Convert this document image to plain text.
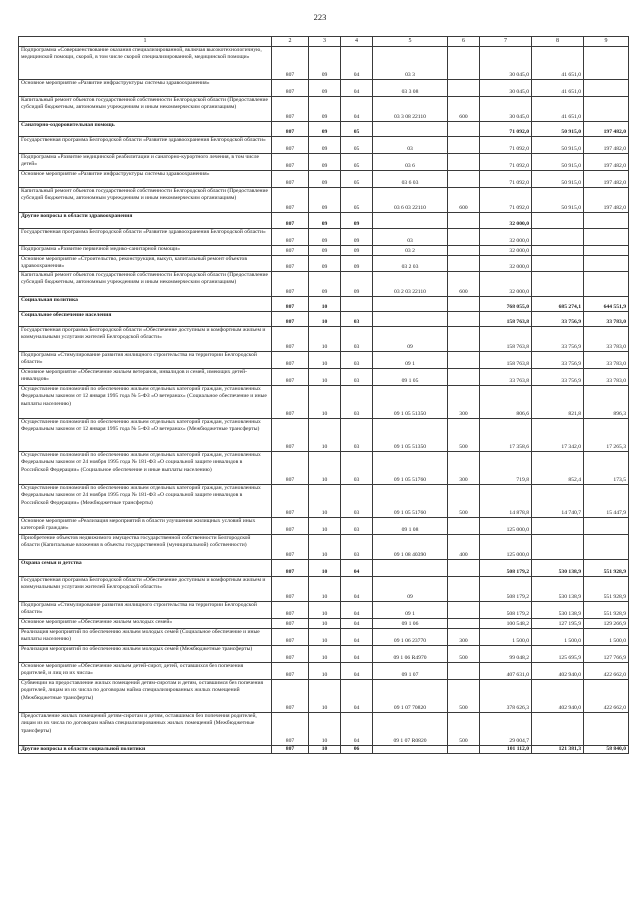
223
1	2	3	4	5	6	7	8	9
Подпрограмма «Совершенствование оказания специализированной, включая высокотехнологичную, медицинской помощи, скорой, в том числе скорой специализированной, медицинской помощи»	807	09	04	03 3		30 045,0	41 651,0	
Основное мероприятие «Развитие инфраструктуры системы здравоохранения»	807	09	04	03 3 08		30 045,0	41 651,0	
Капитальный ремонт объектов государственной собственности Белгородской области (Предоставление субсидий бюджетным, автономным учреждениям и иным некоммерческим организациям)	807	09	04	03 3 08 22110	600	30 045,0	41 651,0	
Санаторно-оздоровительная помощь	807	09	05			71 092,0	50 915,0	197 482,0
Государственная программа Белгородской области «Развитие здравоохранения Белгородской области»	807	09	05	03		71 092,0	50 915,0	197 482,0
Подпрограмма «Развитие медицинской реабилитации и санаторно-курортного лечения, в том числе детей»	807	09	05	03 6		71 092,0	50 915,0	197 482,0
Основное мероприятие «Развитие инфраструктуры системы здравоохранения»	807	09	05	03 6 03		71 092,0	50 915,0	197 482,0
Капитальный ремонт объектов государственной собственности Белгородской области (Предоставление субсидий бюджетным, автономным учреждениям и иным некоммерческим организациям)	807	09	05	03 6 03 22110	600	71 092,0	50 915,0	197 482,0
Другие вопросы в области здравоохранения	807	09	09			32 000,0		
Государственная программа Белгородской области «Развитие здравоохранения Белгородской области»	807	09	09	03		32 000,0		
Подпрограмма «Развитие первичной медико-санитарной помощи»	807	09	09	03 2		32 000,0		
Основное мероприятие «Строительство, реконструкция, выкуп, капитальный ремонт объектов здравоохранения»	807	09	09	03 2 03		32 000,0		
Капитальный ремонт объектов государственной собственности Белгородской области (Предоставление субсидий бюджетным, автономным учреждениям и иным некоммерческим организациям)	807	09	09	03 2 03 22110	600	32 000,0		
Социальная политика	807	10				768 055,0	685 274,1	644 551,9
Социальное обеспечение населения	807	10	03			158 763,8	33 756,9	33 783,0
Государственная программа Белгородской области «Обеспечение доступным и комфортным жильем и коммунальными услугами жителей Белгородской области»	807	10	03	09		158 763,8	33 756,9	33 783,0
Подпрограмма «Стимулирование развития жилищного строительства на территории Белгородской области»	807	10	03	09 1		158 763,8	33 756,9	33 783,0
Основное мероприятие «Обеспечение жильем ветеранов, инвалидов и семей, имеющих детей-инвалидов»	807	10	03	09 1 05		33 763,8	33 756,9	33 783,0
Осуществление полномочий по обеспечению жильем отдельных категорий граждан, установленных Федеральным законом от 12 января 1995 года № 5-ФЗ «О ветеранах» (Социальное обеспечение и иные выплаты населению)	807	10	03	09 1 05 51350	300	806,6	821,8	896,3
Осуществление полномочий по обеспечению жильем отдельных категорий граждан, установленных Федеральным законом от 12 января 1995 года № 5-ФЗ «О ветеранах» (Межбюджетные трансферты)	807	10	03	09 1 05 51350	500	17 358,6	17 342,0	17 265,3
Осуществление полномочий по обеспечению жильем отдельных категорий граждан, установленных Федеральным законом от 24 ноября 1995 года № 181-ФЗ «О социальной защите инвалидов в Российской Федерации» (Социальное обеспечение и иные выплаты населению)	807	10	03	09 1 05 51760	300	719,8	852,4	173,5
Осуществление полномочий по обеспечению жильем отдельных категорий граждан, установленных Федеральным законом от 24 ноября 1995 года № 181-ФЗ «О социальной защите инвалидов в Российской Федерации» (Межбюджетные трансферты)	807	10	03	09 1 05 51760	500	14 878,8	14 740,7	15 447,9
Основное мероприятие «Реализация мероприятий в области улучшения жилищных условий иных категорий граждан»	807	10	03	09 1 08		125 000,0		
Приобретение объектов недвижимого имущества государственной собственности Белгородской области (Капитальные вложения в объекты государственной (муниципальной) собственности)	807	10	03	09 1 08 40390	400	125 000,0		
Охрана семьи и детства	807	10	04			508 179,2	530 138,9	551 928,9
Государственная программа Белгородской области «Обеспечение доступным и комфортным жильем и коммунальными услугами жителей Белгородской области»	807	10	04	09		508 179,2	530 138,9	551 928,9
Подпрограмма «Стимулирование развития жилищного строительства на территории Белгородской области»	807	10	04	09 1		508 179,2	530 138,9	551 928,9
Основное мероприятие «Обеспечение жильем молодых семей»	807	10	04	09 1 06		100 548,2	127 195,9	129 266,9
Реализация мероприятий по обеспечению жильем молодых семей (Социальное обеспечение и иные выплаты населению)	807	10	04	09 1 06 23770	300	1 500,0	1 500,0	1 500,0
Реализация мероприятий по обеспечению жильем молодых семей (Межбюджетные трансферты)	807	10	04	09 1 06 R4970	500	99 048,2	125 695,9	127 766,9
Основное мероприятие «Обеспечение жильем детей-сирот, детей, оставшихся без попечения родителей, и лиц из их числа»	807	10	04	09 1 07		407 631,0	402 940,0	422 662,0
Субвенции на предоставление жилых помещений детям-сиротам и детям, оставшимся без попечения родителей, лицам из их числа по договорам найма специализированных жилых помещений (Межбюджетные трансферты)	807	10	04	09 1 07 70820	500	378 626,3	402 940,0	422 662,0
Предоставление жилых помещений детям-сиротам и детям, оставшимся без попечения родителей, лицам из их числа по договорам найма специализированных жилых помещений (Межбюджетные трансферты)	807	10	04	09 1 07 R0820	500	29 004,7		
Другие вопросы в области социальной политики	807	10	06			101 112,0	121 381,3	58 840,0
